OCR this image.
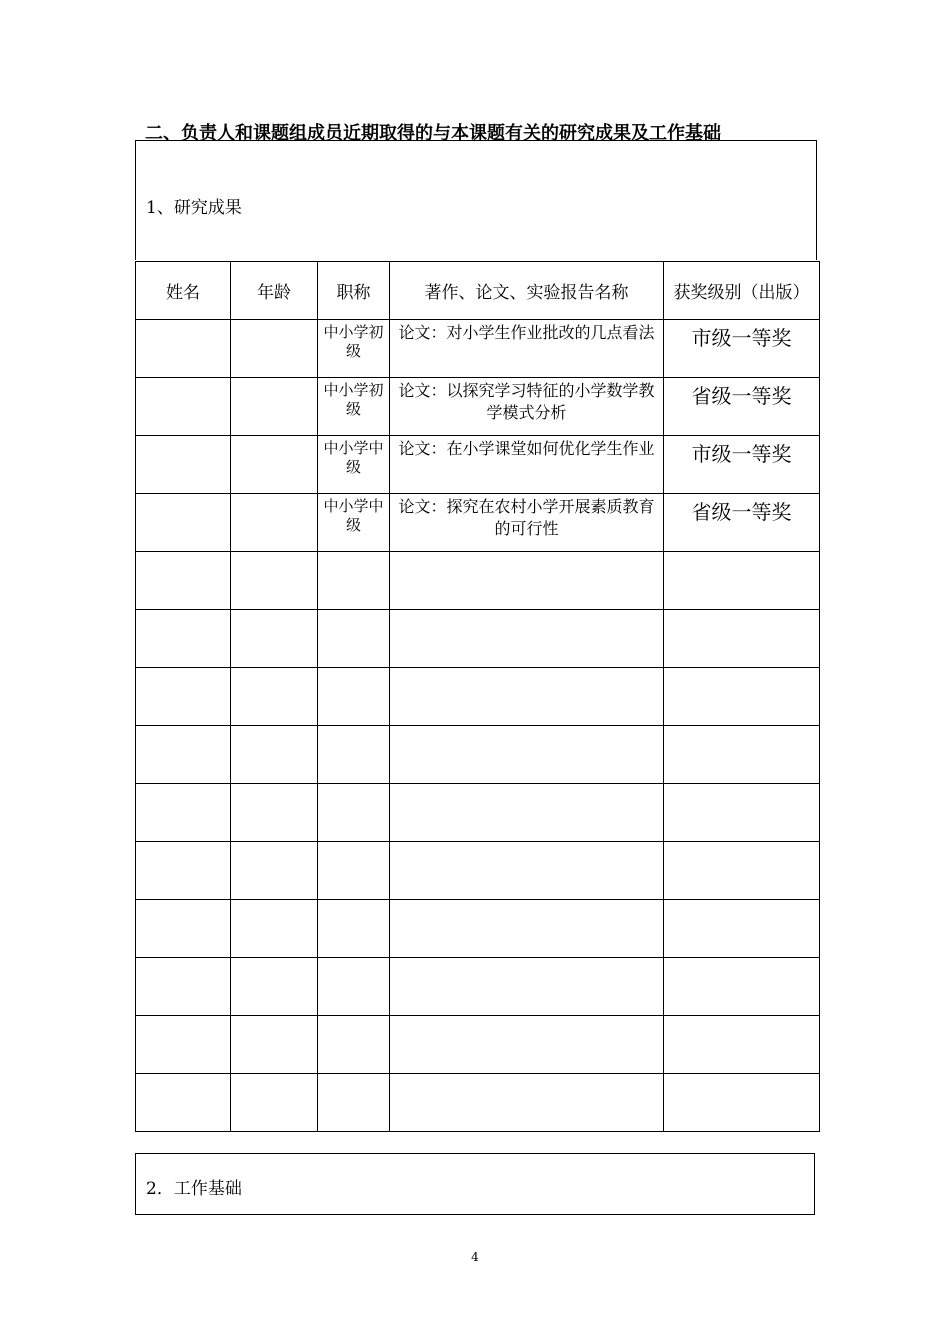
二、负责人和课题组成员近期取得的与本课题有关的研究成果及工作基础
1、研究成果
姓名	年龄	职称	著作、论文、实验报告名称	获奖级别（出版）

		中小学初级	论文：对小学生作业批改的几点看法	市级一等奖

		中小学初级	论文：以探究学习特征的小学数学教学模式分析	省级一等奖

		中小学中级	论文：在小学课堂如何优化学生作业	市级一等奖

		中小学中级	论文：探究在农村小学开展素质教育的可行性	省级一等奖

2．工作基础
4
